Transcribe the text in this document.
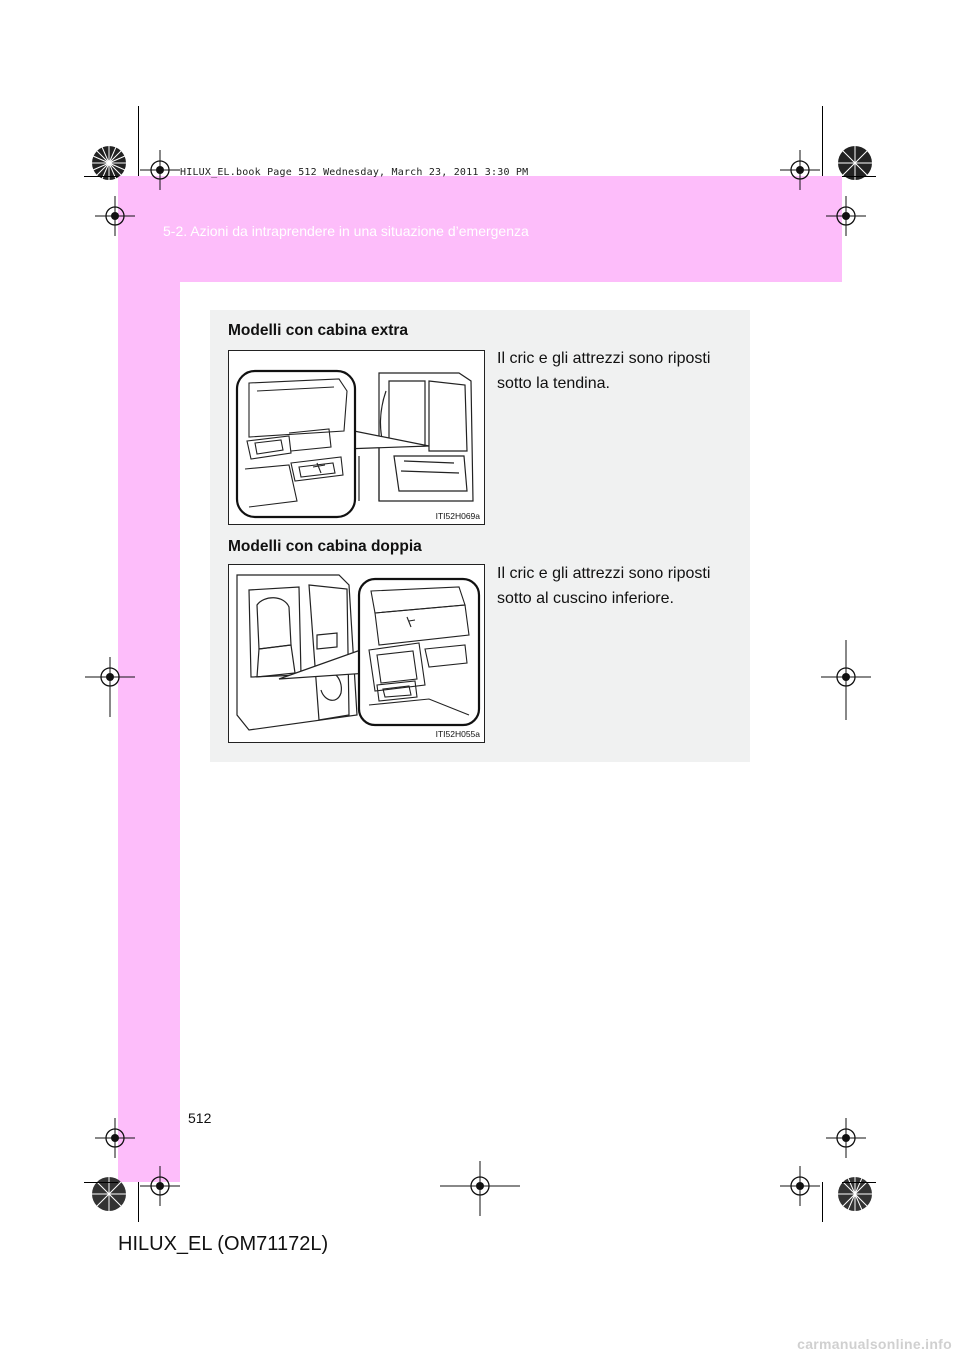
HILUX_EL.book Page 512 Wednesday, March 23, 2011 3:30 PM
5-2. Azioni da intraprendere in una situazione d’emergenza
Modelli con cabina extra
ITI52H069a
Il cric e gli attrezzi sono riposti
sotto la tendina.
Modelli con cabina doppia
ITI52H055a
Il cric e gli attrezzi sono riposti
sotto al cuscino inferiore.
512
HILUX_EL (OM71172L)
carmanualsonline.info
